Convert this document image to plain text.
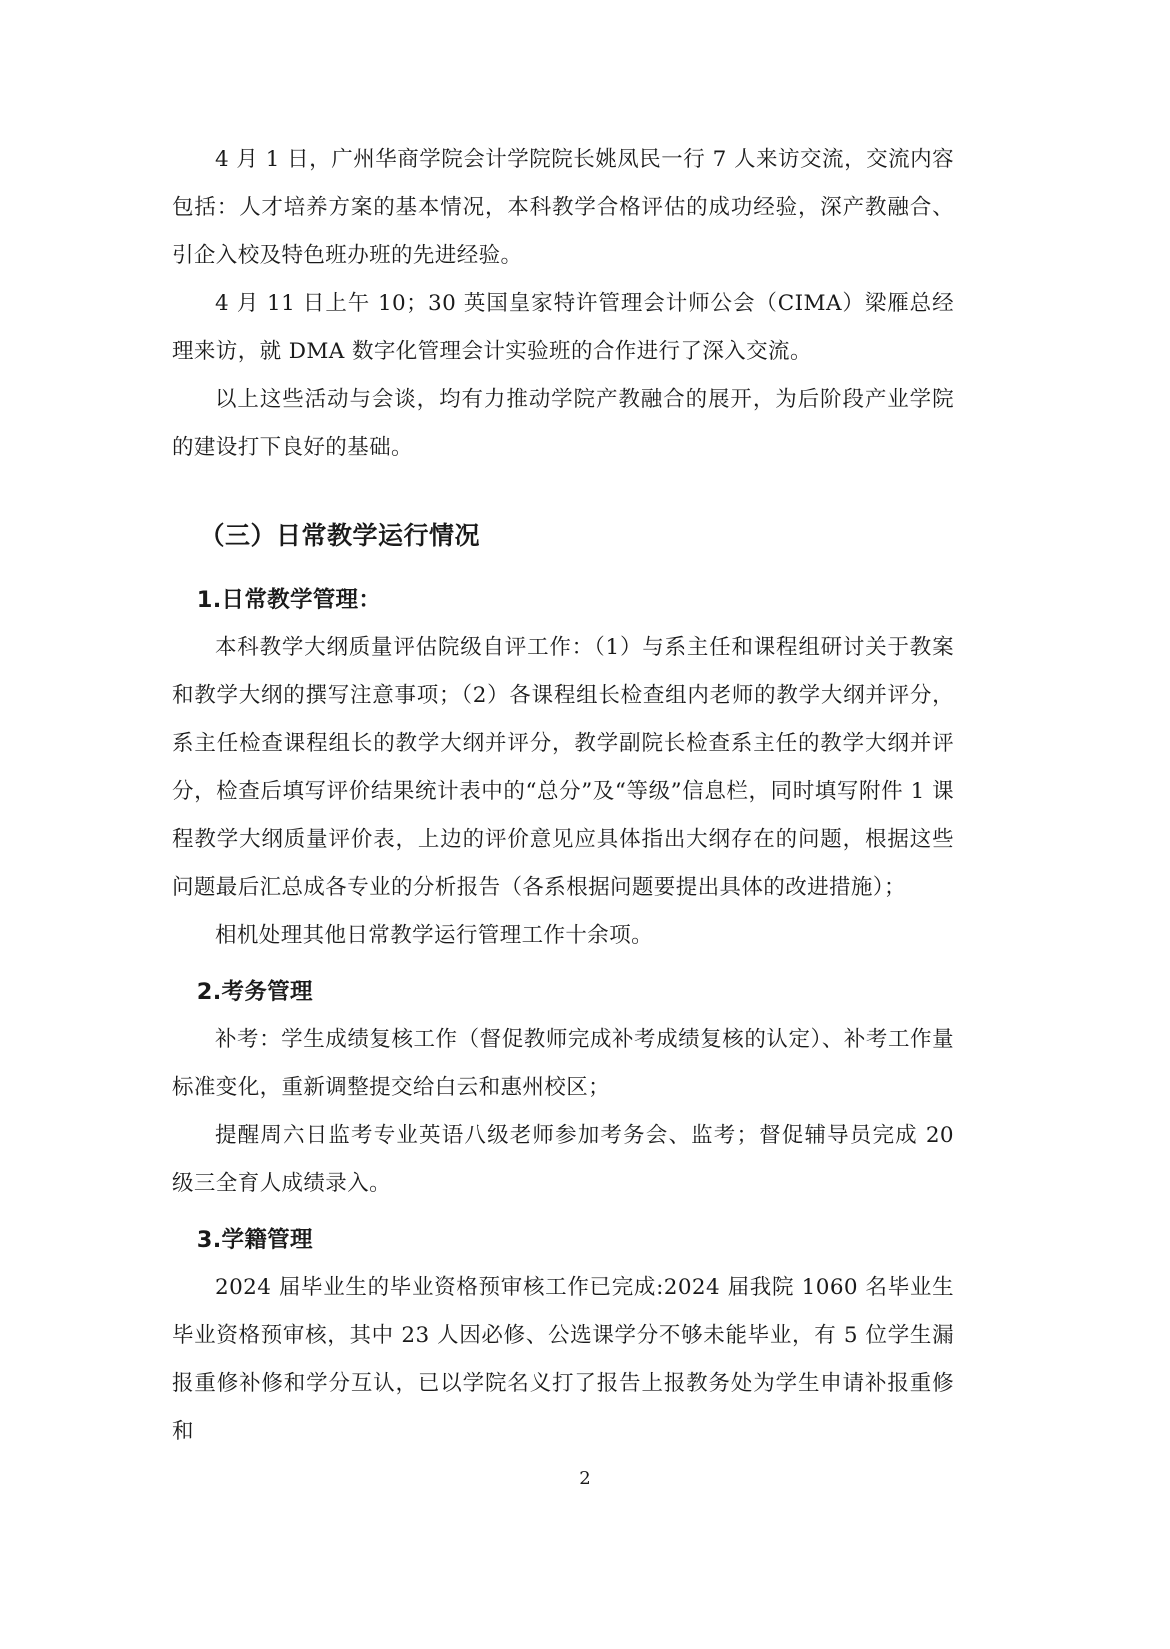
4 月 1 日，广州华商学院会计学院院长姚凤民一行 7 人来访交流，交流内容包括：人才培养方案的基本情况，本科教学合格评估的成功经验，深产教融合、引企入校及特色班办班的先进经验。

4 月 11 日上午 10；30 英国皇家特许管理会计师公会（CIMA）梁雁总经理来访，就 DMA 数字化管理会计实验班的合作进行了深入交流。

以上这些活动与会谈，均有力推动学院产教融合的展开，为后阶段产业学院的建设打下良好的基础。

（三）日常教学运行情况
1.日常教学管理：

本科教学大纲质量评估院级自评工作：（1）与系主任和课程组研讨关于教案和教学大纲的撰写注意事项；（2）各课程组长检查组内老师的教学大纲并评分，系主任检查课程组长的教学大纲并评分，教学副院长检查系主任的教学大纲并评分，检查后填写评价结果统计表中的“总分”及“等级”信息栏，同时填写附件 1 课程教学大纲质量评价表，上边的评价意见应具体指出大纲存在的问题，根据这些问题最后汇总成各专业的分析报告（各系根据问题要提出具体的改进措施）；

相机处理其他日常教学运行管理工作十余项。

2.考务管理

补考：学生成绩复核工作（督促教师完成补考成绩复核的认定）、补考工作量标准变化，重新调整提交给白云和惠州校区；

提醒周六日监考专业英语八级老师参加考务会、监考；督促辅导员完成 20 级三全育人成绩录入。

3.学籍管理

2024 届毕业生的毕业资格预审核工作已完成:2024 届我院 1060 名毕业生毕业资格预审核，其中 23 人因必修、公选课学分不够未能毕业，有 5 位学生漏报重修补修和学分互认，已以学院名义打了报告上报教务处为学生申请补报重修和

2
